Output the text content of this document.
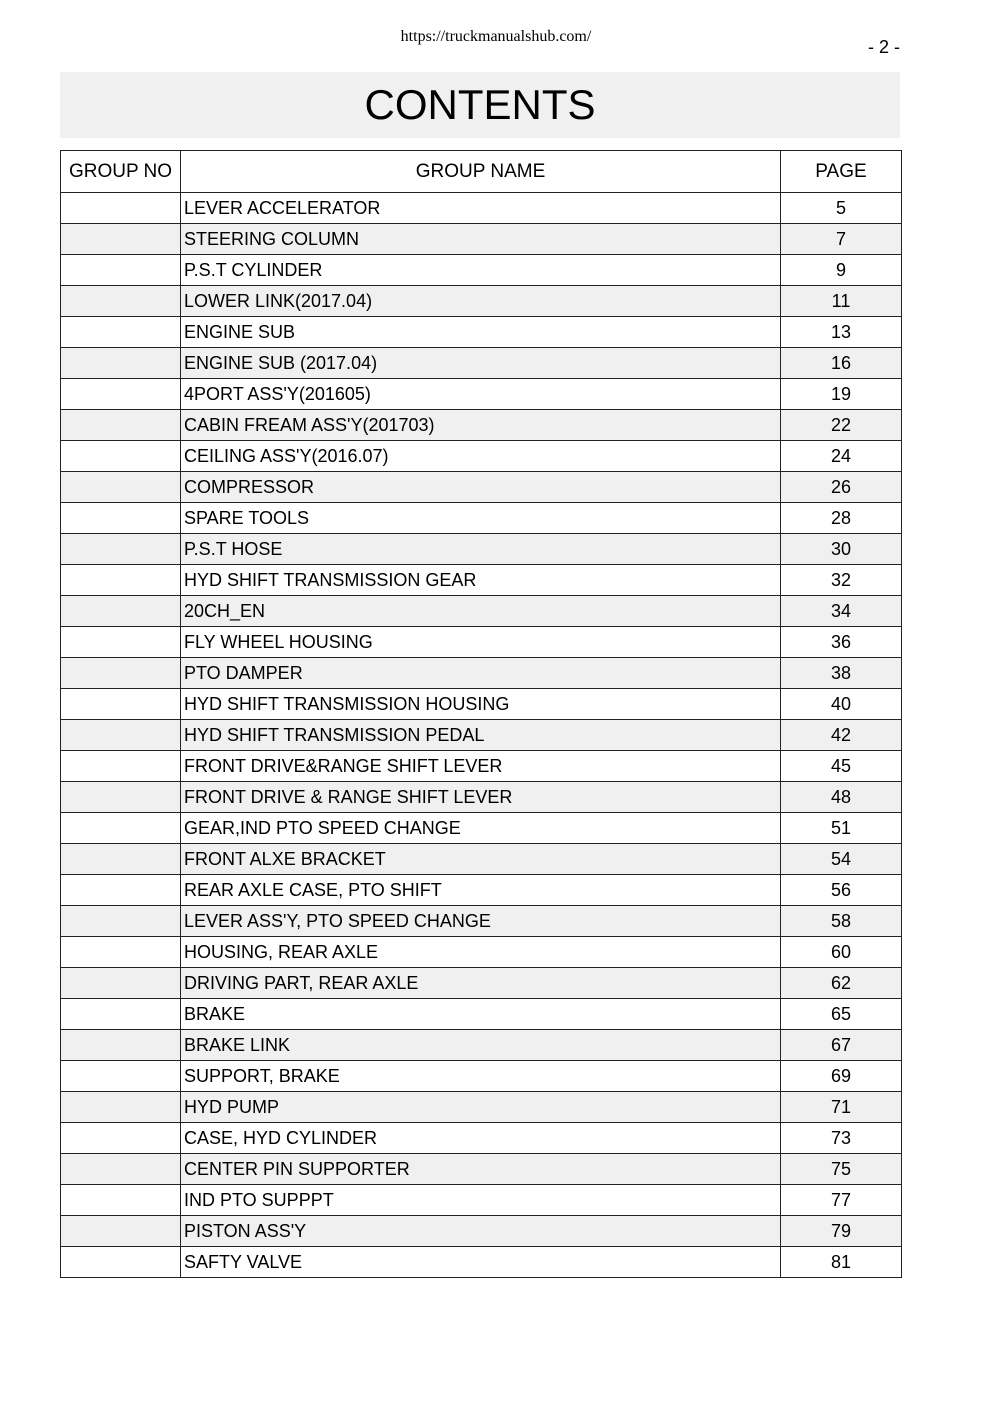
https://truckmanualshub.com/
- 2 -
CONTENTS
GROUP NO	GROUP NAME	PAGE
	LEVER ACCELERATOR	5
	STEERING COLUMN	7
	P.S.T CYLINDER	9
	LOWER LINK(2017.04)	11
	ENGINE SUB	13
	ENGINE SUB (2017.04)	16
	4PORT ASS'Y(201605)	19
	CABIN FREAM ASS'Y(201703)	22
	CEILING ASS'Y(2016.07)	24
	COMPRESSOR	26
	SPARE TOOLS	28
	P.S.T HOSE	30
	HYD SHIFT TRANSMISSION GEAR	32
	20CH_EN	34
	FLY WHEEL HOUSING	36
	PTO DAMPER	38
	HYD SHIFT TRANSMISSION HOUSING	40
	HYD SHIFT TRANSMISSION PEDAL	42
	FRONT DRIVE&RANGE SHIFT LEVER	45
	FRONT DRIVE & RANGE SHIFT LEVER	48
	GEAR,IND PTO SPEED CHANGE	51
	FRONT ALXE BRACKET	54
	REAR AXLE CASE, PTO SHIFT	56
	LEVER ASS'Y, PTO SPEED CHANGE	58
	HOUSING, REAR AXLE	60
	DRIVING PART, REAR AXLE	62
	BRAKE	65
	BRAKE LINK	67
	SUPPORT, BRAKE	69
	HYD PUMP	71
	CASE, HYD CYLINDER	73
	CENTER PIN SUPPORTER	75
	IND PTO SUPPPT	77
	PISTON ASS'Y	79
	SAFTY VALVE	81
